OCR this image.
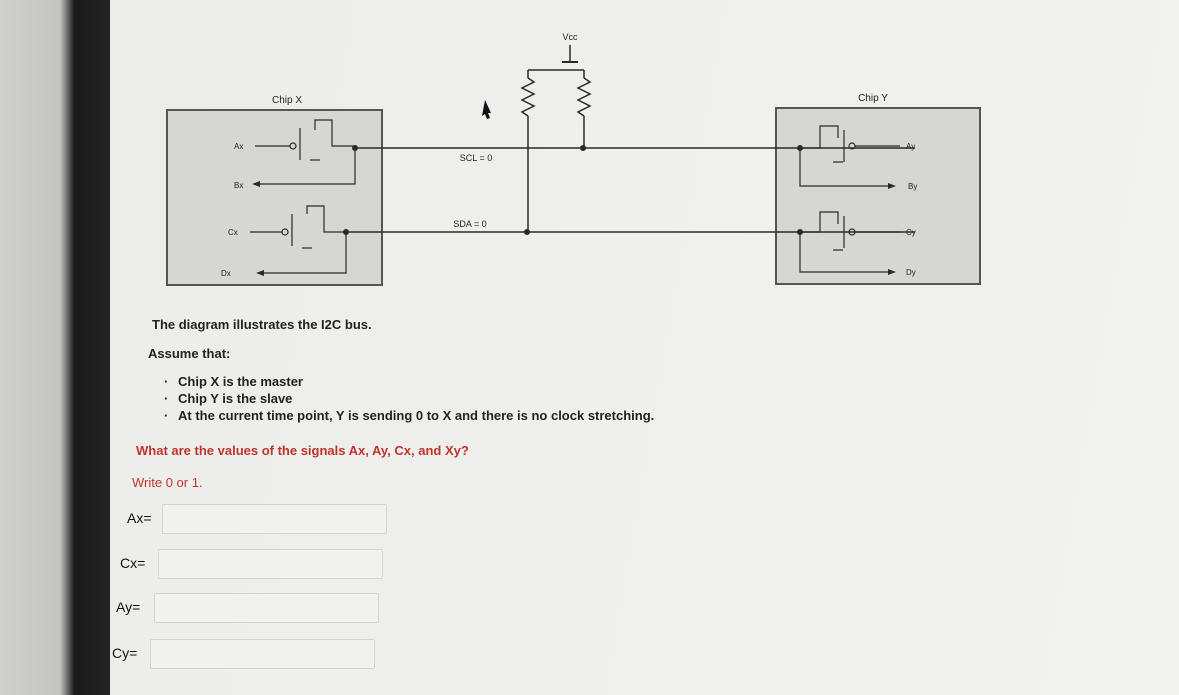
Vcc
Chip X	Chip Y
SCL = 0
SDA = 0
Ax
Bx
Cx
Dx
Ay
By
Cy
Dy
The diagram illustrates the I2C bus.
Assume that:
· Chip X is the master
· Chip Y is the slave
· At the current time point, Y is sending 0 to X and there is no clock stretching.
What are the values of the signals Ax, Ay, Cx, and Xy?
Write 0 or 1.
Ax=
Cx=
Ay=
Cy=
